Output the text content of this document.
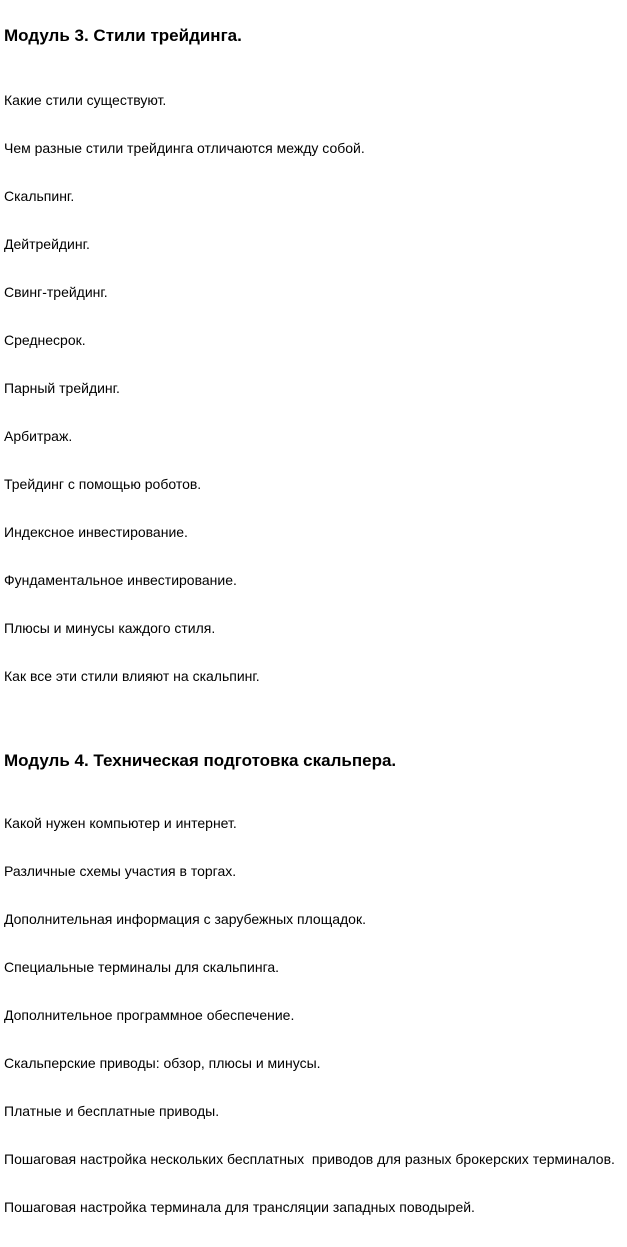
Модуль 3. Стили трейдинга.

Какие стили существуют.

Чем разные стили трейдинга отличаются между собой.

Скальпинг.

Дейтрейдинг.

Свинг-трейдинг.

Среднесрок.

Парный трейдинг.

Арбитраж.

Трейдинг с помощью роботов.

Индексное инвестирование.

Фундаментальное инвестирование.

Плюсы и минусы каждого стиля.

Как все эти стили влияют на скальпинг.

Модуль 4. Техническая подготовка скальпера.

Какой нужен компьютер и интернет.

Различные схемы участия в торгах.

Дополнительная информация с зарубежных площадок.

Специальные терминалы для скальпинга.

Дополнительное программное обеспечение.

Скальперские приводы: обзор, плюсы и минусы.

Платные и бесплатные приводы.

Пошаговая настройка нескольких бесплатных  приводов для разных брокерских терминалов.

Пошаговая настройка терминала для трансляции западных поводырей.
